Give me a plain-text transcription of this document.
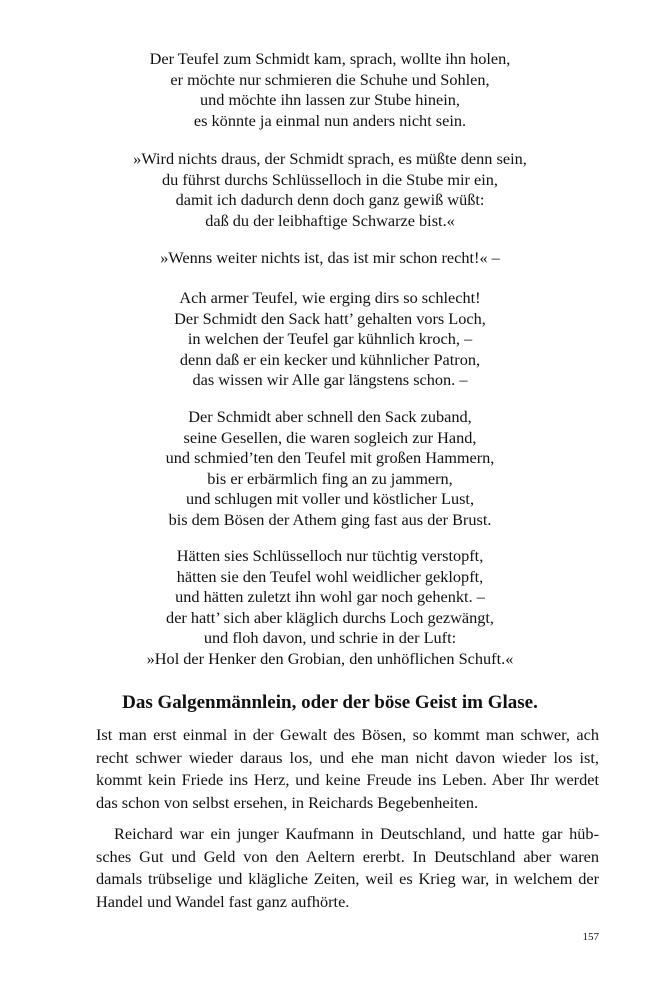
Der Teufel zum Schmidt kam, sprach, wollte ihn holen,
er möchte nur schmieren die Schuhe und Sohlen,
und möchte ihn lassen zur Stube hinein,
es könnte ja einmal nun anders nicht sein.
»Wird nichts draus, der Schmidt sprach, es müßte denn sein,
du führst durchs Schlüsselloch in die Stube mir ein,
damit ich dadurch denn doch ganz gewiß wüßt:
daß du der leibhaftige Schwarze bist.«
»Wenns weiter nichts ist, das ist mir schon recht!« –
Ach armer Teufel, wie erging dirs so schlecht!
Der Schmidt den Sack hatt’ gehalten vors Loch,
in welchen der Teufel gar kühnlich kroch, –
denn daß er ein kecker und kühnlicher Patron,
das wissen wir Alle gar längstens schon. –
Der Schmidt aber schnell den Sack zuband,
seine Gesellen, die waren sogleich zur Hand,
und schmied’ten den Teufel mit großen Hammern,
bis er erbärmlich fing an zu jammern,
und schlugen mit voller und köstlicher Lust,
bis dem Bösen der Athem ging fast aus der Brust.
Hätten sies Schlüsselloch nur tüchtig verstopft,
hätten sie den Teufel wohl weidlicher geklopft,
und hätten zuletzt ihn wohl gar noch gehenkt. –
der hatt’ sich aber kläglich durchs Loch gezwängt,
und floh davon, und schrie in der Luft:
»Hol der Henker den Grobian, den unhöflichen Schuft.«
Das Galgenmännlein, oder der böse Geist im Glase.
Ist man erst einmal in der Gewalt des Bösen, so kommt man schwer, ach
recht schwer wieder daraus los, und ehe man nicht davon wieder los ist,
kommt kein Friede ins Herz, und keine Freude ins Leben. Aber Ihr werdet
das schon von selbst ersehen, in Reichards Begebenheiten.
Reichard war ein junger Kaufmann in Deutschland, und hatte gar hüb-
sches Gut und Geld von den Aeltern ererbt. In Deutschland aber waren
damals trübselige und klägliche Zeiten, weil es Krieg war, in welchem der
Handel und Wandel fast ganz aufhörte.
157
